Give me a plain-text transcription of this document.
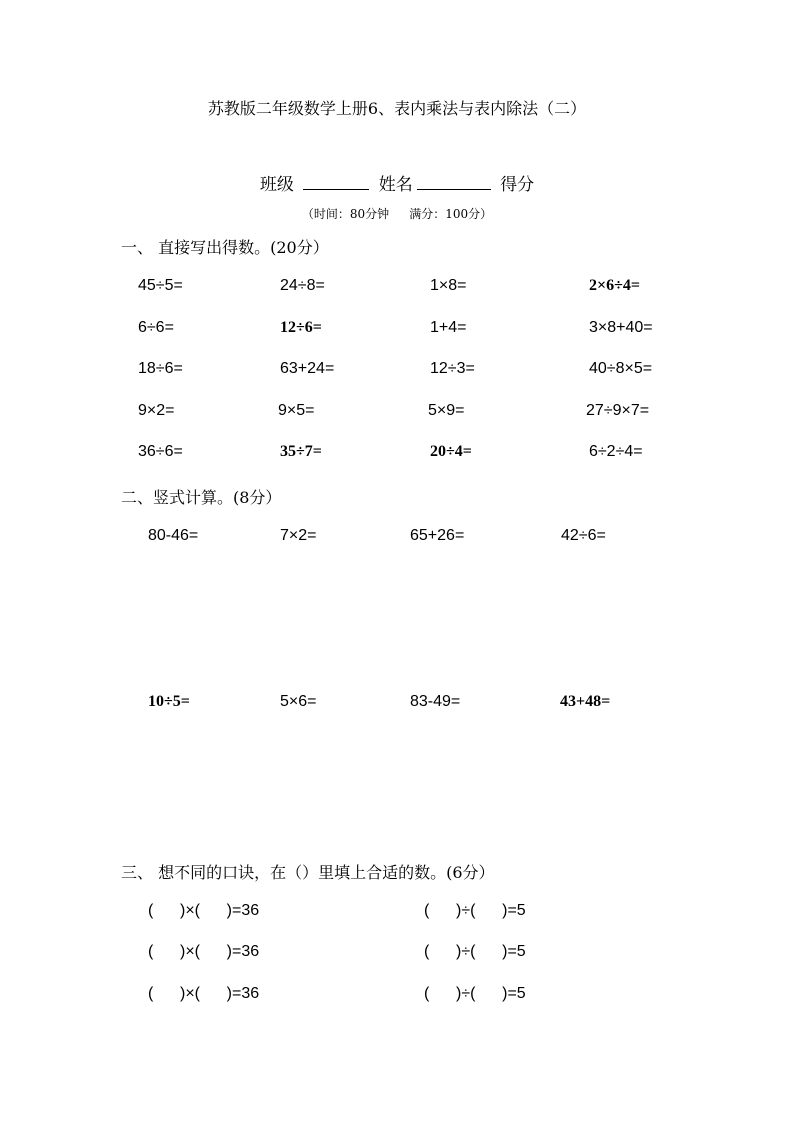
苏教版二年级数学上册6、表内乘法与表内除法（二）
班级	姓名	得分
（时间：80分钟 满分：100分）
一、 直接写出得数。(20分）
45÷5=	24÷8=	1×8=	2×6÷4=
6÷6=	12÷6=	1+4=	3×8+40=
18÷6=	63+24=	12÷3=	40÷8×5=
9×2=	9×5=	5×9=	27÷9×7=
36÷6=	35÷7=	20÷4=	6÷2÷4=
二、竖式计算。(8分）
80-46=	7×2=	65+26=	42÷6=
10÷5=	5×6=	83-49=	43+48=
三、 想不同的口诀，在（）里填上合适的数。(6分）
(      )×(      )=36
(      )×(      )=36
(      )×(      )=36
(      )÷(      )=5
(      )÷(      )=5
(      )÷(      )=5
